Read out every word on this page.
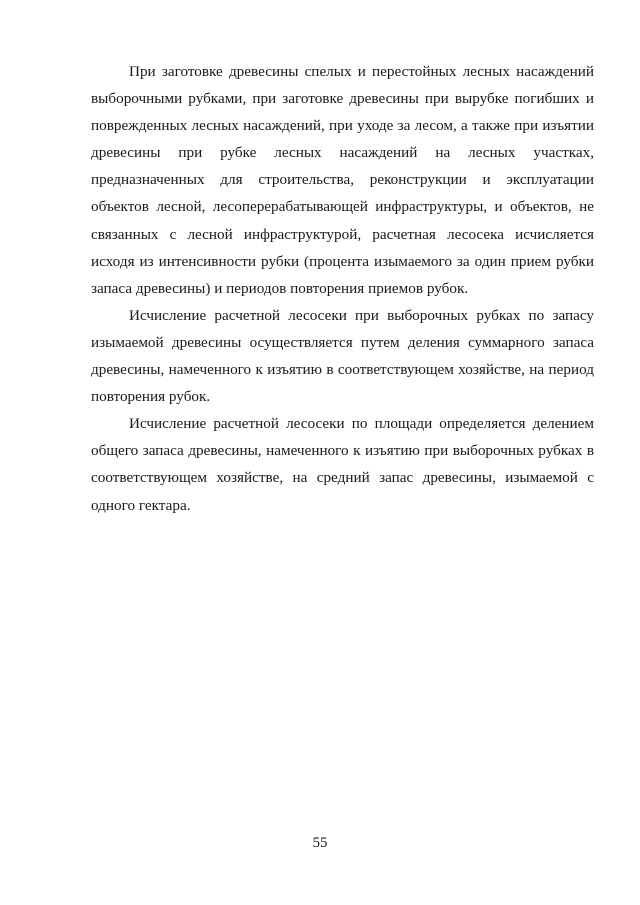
При заготовке древесины спелых и перестойных лесных насаждений выборочными рубками, при заготовке древесины при вырубке погибших и поврежденных лесных насаждений, при уходе за лесом, а также при изъятии древесины при рубке лесных насаждений на лесных участках, предназначенных для строительства, реконструкции и эксплуатации объектов лесной, лесоперерабатывающей инфраструктуры, и объектов, не связанных с лесной инфраструктурой, расчетная лесосека исчисляется исходя из интенсивности рубки (процента изымаемого за один прием рубки запаса древесины) и периодов повторения приемов рубок.

Исчисление расчетной лесосеки при выборочных рубках по запасу изымаемой древесины осуществляется путем деления суммарного запаса древесины, намеченного к изъятию в соответствующем хозяйстве, на период повторения рубок.

Исчисление расчетной лесосеки по площади определяется делением общего запаса древесины, намеченного к изъятию при выборочных рубках в соответствующем хозяйстве, на средний запас древесины, изымаемой с одного гектара.

55
